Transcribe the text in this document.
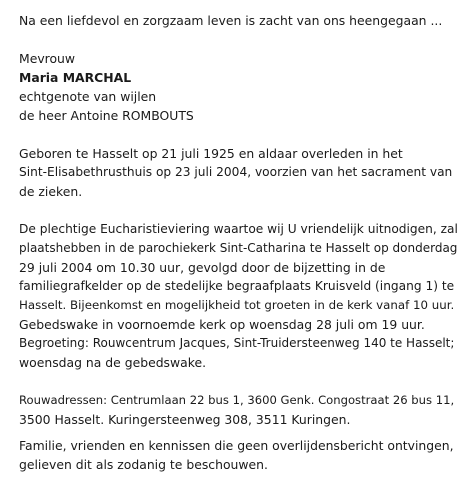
Na een liefdevol en zorgzaam leven is zacht van ons heengegaan ...
Mevrouw
Maria MARCHAL
echtgenote van wijlen
de heer Antoine ROMBOUTS
Geboren te Hasselt op 21 juli 1925 en aldaar overleden in het
Sint-Elisabethrusthuis op 23 juli 2004, voorzien van het sacrament van
de zieken.
De plechtige Eucharistieviering waartoe wij U vriendelijk uitnodigen, zal
plaatshebben in de parochiekerk Sint-Catharina te Hasselt op donderdag
29 juli 2004 om 10.30 uur, gevolgd door de bijzetting in de
familiegrafkelder op de stedelijke begraafplaats Kruisveld (ingang 1) te
Hasselt. Bijeenkomst en mogelijkheid tot groeten in de kerk vanaf 10 uur.
Gebedswake in voornoemde kerk op woensdag 28 juli om 19 uur.
Begroeting: Rouwcentrum Jacques, Sint-Truidersteenweg 140 te Hasselt;
woensdag na de gebedswake.
Rouwadressen: Centrumlaan 22 bus 1, 3600 Genk. Congostraat 26 bus 11,
3500 Hasselt. Kuringersteenweg 308, 3511 Kuringen.
Familie, vrienden en kennissen die geen overlijdensbericht ontvingen,
gelieven dit als zodanig te beschouwen.
